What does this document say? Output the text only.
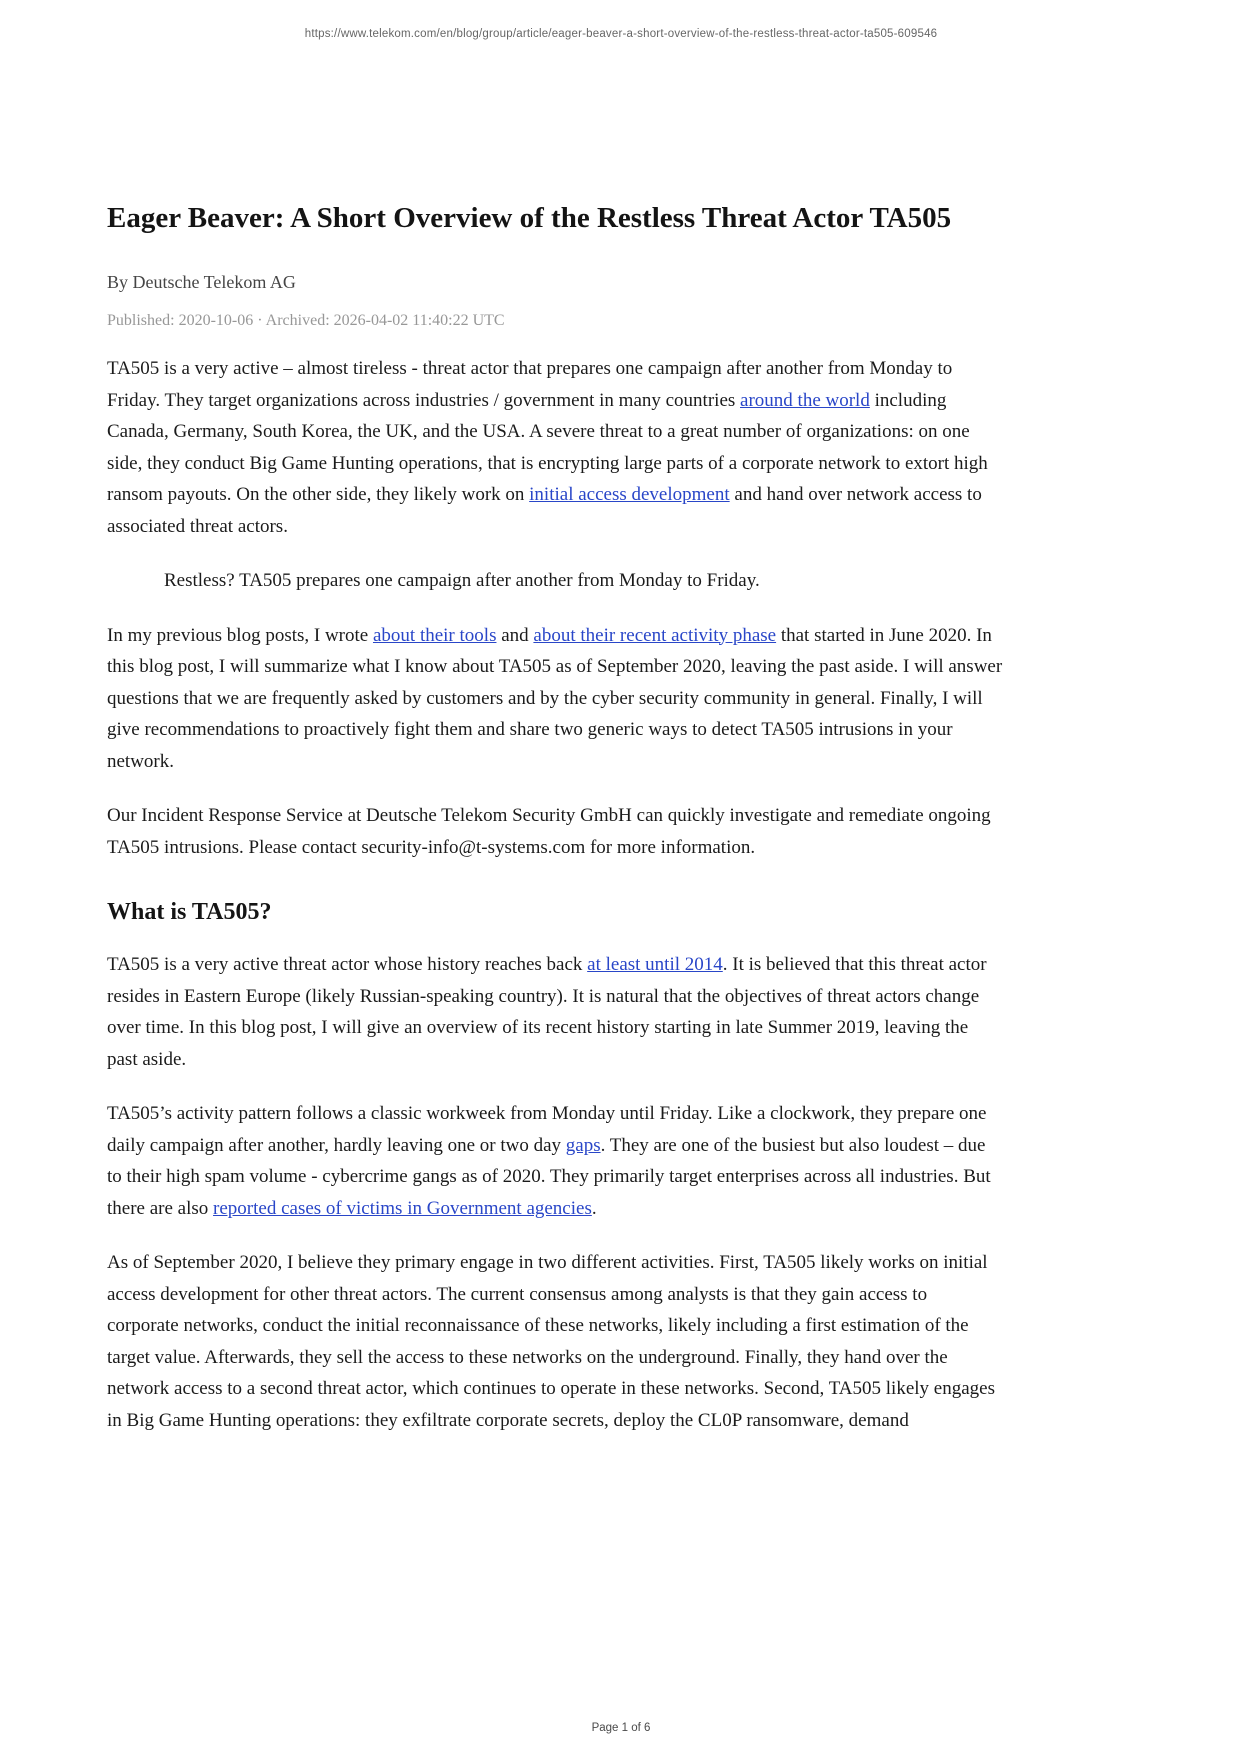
https://www.telekom.com/en/blog/group/article/eager-beaver-a-short-overview-of-the-restless-threat-actor-ta505-609546
Eager Beaver: A Short Overview of the Restless Threat Actor TA505

By Deutsche Telekom AG

Published: 2020-10-06 · Archived: 2026-04-02 11:40:22 UTC

TA505 is a very active – almost tireless - threat actor that prepares one campaign after another from Monday to Friday. They target organizations across industries / government in many countries around the world including Canada, Germany, South Korea, the UK, and the USA. A severe threat to a great number of organizations: on one side, they conduct Big Game Hunting operations, that is encrypting large parts of a corporate network to extort high ransom payouts. On the other side, they likely work on initial access development and hand over network access to associated threat actors.

Restless? TA505 prepares one campaign after another from Monday to Friday.

In my previous blog posts, I wrote about their tools and about their recent activity phase that started in June 2020. In this blog post, I will summarize what I know about TA505 as of September 2020, leaving the past aside. I will answer questions that we are frequently asked by customers and by the cyber security community in general. Finally, I will give recommendations to proactively fight them and share two generic ways to detect TA505 intrusions in your network.

Our Incident Response Service at Deutsche Telekom Security GmbH can quickly investigate and remediate ongoing TA505 intrusions. Please contact security-info@t-systems.com for more information.

What is TA505?

TA505 is a very active threat actor whose history reaches back at least until 2014. It is believed that this threat actor resides in Eastern Europe (likely Russian-speaking country). It is natural that the objectives of threat actors change over time. In this blog post, I will give an overview of its recent history starting in late Summer 2019, leaving the past aside.

TA505’s activity pattern follows a classic workweek from Monday until Friday. Like a clockwork, they prepare one daily campaign after another, hardly leaving one or two day gaps. They are one of the busiest but also loudest – due to their high spam volume - cybercrime gangs as of 2020. They primarily target enterprises across all industries. But there are also reported cases of victims in Government agencies.

As of September 2020, I believe they primary engage in two different activities. First, TA505 likely works on initial access development for other threat actors. The current consensus among analysts is that they gain access to corporate networks, conduct the initial reconnaissance of these networks, likely including a first estimation of the target value. Afterwards, they sell the access to these networks on the underground. Finally, they hand over the network access to a second threat actor, which continues to operate in these networks. Second, TA505 likely engages in Big Game Hunting operations: they exfiltrate corporate secrets, deploy the CL0P ransomware, demand

Page 1 of 6
